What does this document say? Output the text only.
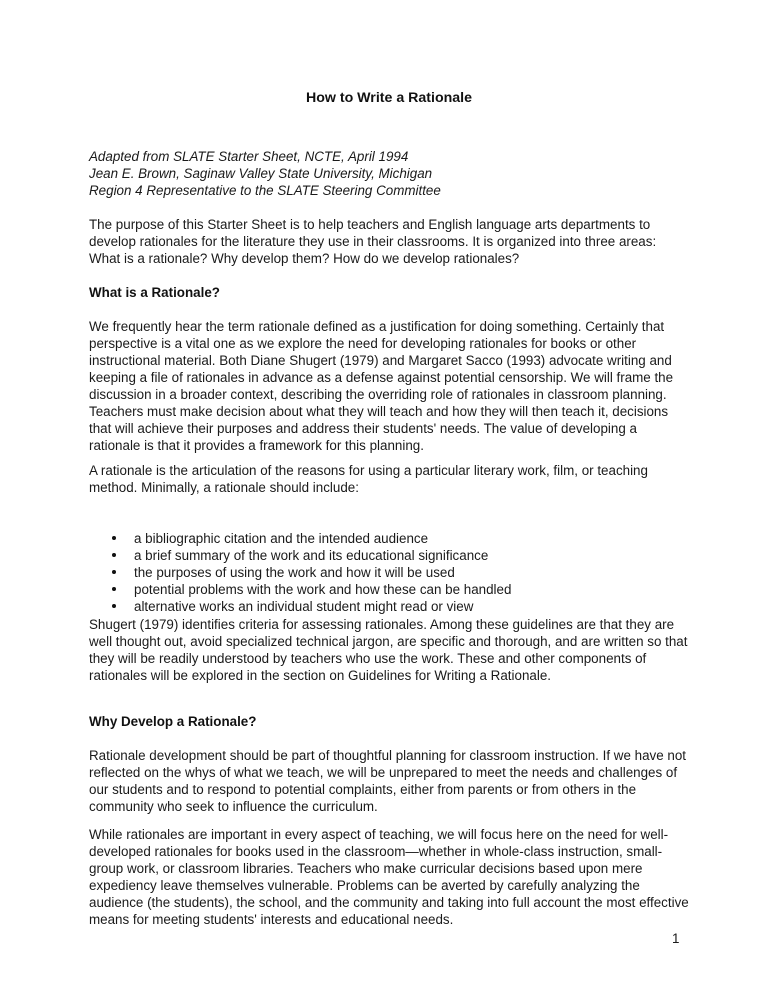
How to Write a Rationale
Adapted from SLATE Starter Sheet, NCTE, April 1994
Jean E. Brown, Saginaw Valley State University, Michigan
Region 4 Representative to the SLATE Steering Committee

The purpose of this Starter Sheet is to help teachers and English language arts departments to develop rationales for the literature they use in their classrooms. It is organized into three areas: What is a rationale? Why develop them? How do we develop rationales?

What is a Rationale?

We frequently hear the term rationale defined as a justification for doing something. Certainly that perspective is a vital one as we explore the need for developing rationales for books or other instructional material. Both Diane Shugert (1979) and Margaret Sacco (1993) advocate writing and keeping a file of rationales in advance as a defense against potential censorship. We will frame the discussion in a broader context, describing the overriding role of rationales in classroom planning. Teachers must make decision about what they will teach and how they will then teach it, decisions that will achieve their purposes and address their students' needs. The value of developing a rationale is that it provides a framework for this planning.

A rationale is the articulation of the reasons for using a particular literary work, film, or teaching method. Minimally, a rationale should include:

a bibliographic citation and the intended audience
a brief summary of the work and its educational significance
the purposes of using the work and how it will be used
potential problems with the work and how these can be handled
alternative works an individual student might read or view

Shugert (1979) identifies criteria for assessing rationales. Among these guidelines are that they are well thought out, avoid specialized technical jargon, are specific and thorough, and are written so that they will be readily understood by teachers who use the work. These and other components of rationales will be explored in the section on Guidelines for Writing a Rationale.

Why Develop a Rationale?

Rationale development should be part of thoughtful planning for classroom instruction. If we have not reflected on the whys of what we teach, we will be unprepared to meet the needs and challenges of our students and to respond to potential complaints, either from parents or from others in the community who seek to influence the curriculum.

While rationales are important in every aspect of teaching, we will focus here on the need for well-developed rationales for books used in the classroom—whether in whole-class instruction, small-group work, or classroom libraries. Teachers who make curricular decisions based upon mere expediency leave themselves vulnerable. Problems can be averted by carefully analyzing the audience (the students), the school, and the community and taking into full account the most effective means for meeting students' interests and educational needs.

1
